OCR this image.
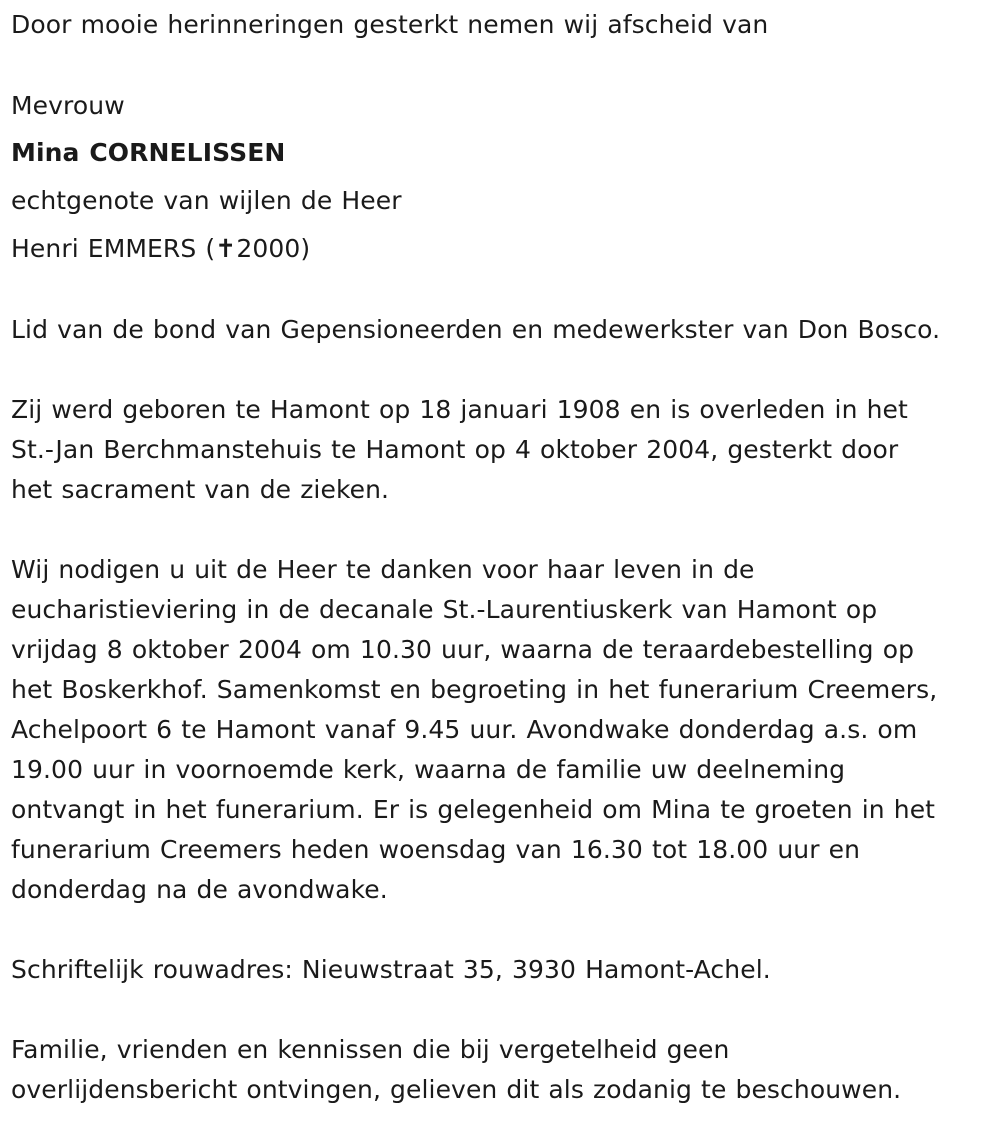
Door mooie herinneringen gesterkt nemen wij afscheid van

Mevrouw

Mina CORNELISSEN

echtgenote van wijlen de Heer

Henri EMMERS (✝2000)

Lid van de bond van Gepensioneerden en medewerkster van Don Bosco.

Zij werd geboren te Hamont op 18 januari 1908 en is overleden in het

St.-Jan Berchmanstehuis te Hamont op 4 oktober 2004, gesterkt door

het sacrament van de zieken.

Wij nodigen u uit de Heer te danken voor haar leven in de

eucharistieviering in de decanale St.-Laurentiuskerk van Hamont op

vrijdag 8 oktober 2004 om 10.30 uur, waarna de teraardebestelling op

het Boskerkhof. Samenkomst en begroeting in het funerarium Creemers,

Achelpoort 6 te Hamont vanaf 9.45 uur. Avondwake donderdag a.s. om

19.00 uur in voornoemde kerk, waarna de familie uw deelneming

ontvangt in het funerarium. Er is gelegenheid om Mina te groeten in het

funerarium Creemers heden woensdag van 16.30 tot 18.00 uur en

donderdag na de avondwake.

Schriftelijk rouwadres: Nieuwstraat 35, 3930 Hamont-Achel.

Familie, vrienden en kennissen die bij vergetelheid geen

overlijdensbericht ontvingen, gelieven dit als zodanig te beschouwen.
